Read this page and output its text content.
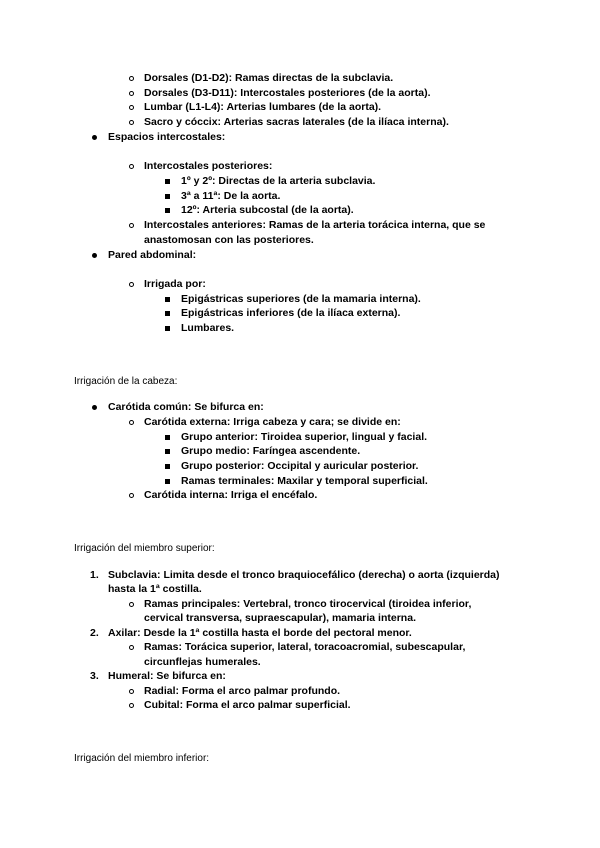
Dorsales (D1-D2): Ramas directas de la subclavia.
Dorsales (D3-D11): Intercostales posteriores (de la aorta).
Lumbar (L1-L4): Arterias lumbares (de la aorta).
Sacro y cóccix: Arterias sacras laterales (de la ilíaca interna).
Espacios intercostales:
Intercostales posteriores:
1º y 2º: Directas de la arteria subclavia.
3ª a 11ª: De la aorta.
12º: Arteria subcostal (de la aorta).
Intercostales anteriores: Ramas de la arteria torácica interna, que se
anastomosan con las posteriores.
Pared abdominal:
Irrigada por:
Epigástricas superiores (de la mamaria interna).
Epigástricas inferiores (de la ilíaca externa).
Lumbares.
Irrigación de la cabeza:
Carótida común: Se bifurca en:
Carótida externa: Irriga cabeza y cara; se divide en:
Grupo anterior: Tiroidea superior, lingual y facial.
Grupo medio: Faríngea ascendente.
Grupo posterior: Occipital y auricular posterior.
Ramas terminales: Maxilar y temporal superficial.
Carótida interna: Irriga el encéfalo.
Irrigación del miembro superior:
1. Subclavia: Limita desde el tronco braquiocefálico (derecha) o aorta (izquierda)
hasta la 1ª costilla.
Ramas principales: Vertebral, tronco tirocervical (tiroidea inferior,
cervical transversa, supraescapular), mamaria interna.
2. Axilar: Desde la 1ª costilla hasta el borde del pectoral menor.
Ramas: Torácica superior, lateral, toracoacromial, subescapular,
circunflejas humerales.
3. Humeral: Se bifurca en:
Radial: Forma el arco palmar profundo.
Cubital: Forma el arco palmar superficial.
Irrigación del miembro inferior:
